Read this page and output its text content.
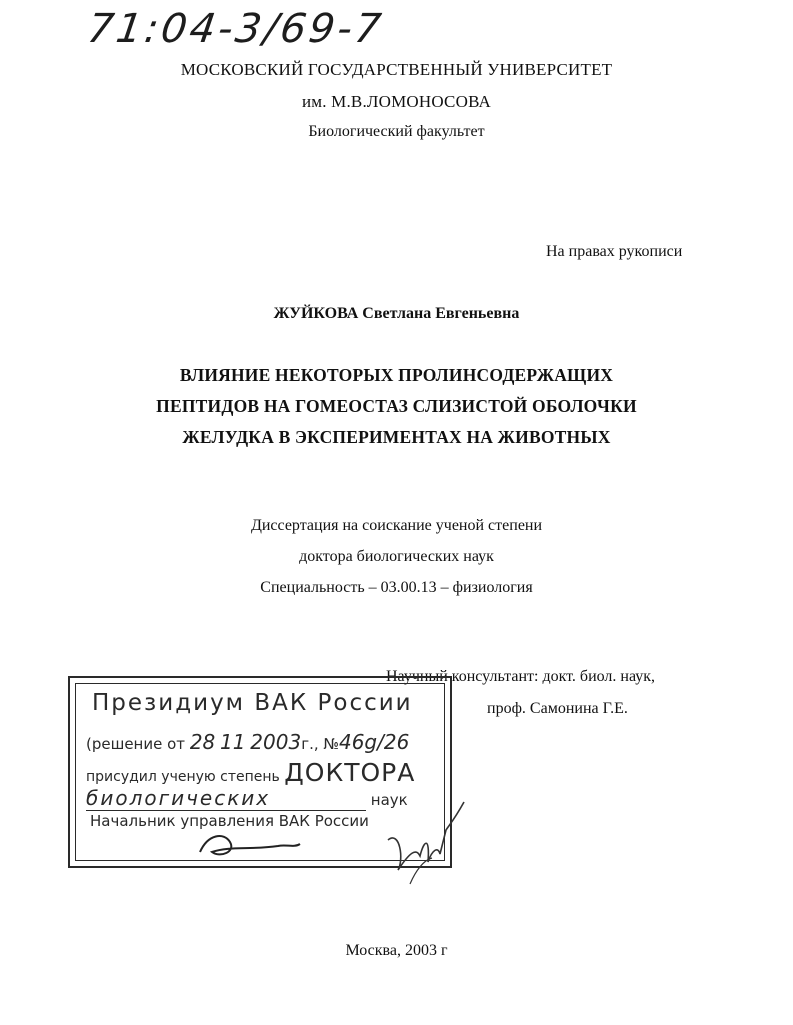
71:04-3/69-7
МОСКОВСКИЙ ГОСУДАРСТВЕННЫЙ УНИВЕРСИТЕТ
им. М.В.ЛОМОНОСОВА
Биологический факультет
На правах рукописи
ЖУЙКОВА Светлана Евгеньевна
ВЛИЯНИЕ НЕКОТОРЫХ ПРОЛИНСОДЕРЖАЩИХ
ПЕПТИДОВ НА ГОМЕОСТАЗ СЛИЗИСТОЙ ОБОЛОЧКИ
ЖЕЛУДКА В ЭКСПЕРИМЕНТАХ НА ЖИВОТНЫХ
Диссертация на соискание ученой степени
доктора биологических наук
Специальность – 03.00.13 – физиология
Научный консультант: докт. биол. наук,
проф. Самонина Г.Е.
Президиум ВАК России
(решение от 28 11 2003г., №46g/26
присудил ученую степень ДОКТОРА
биологических	наук
Начальник управления ВАК России
Москва, 2003 г
